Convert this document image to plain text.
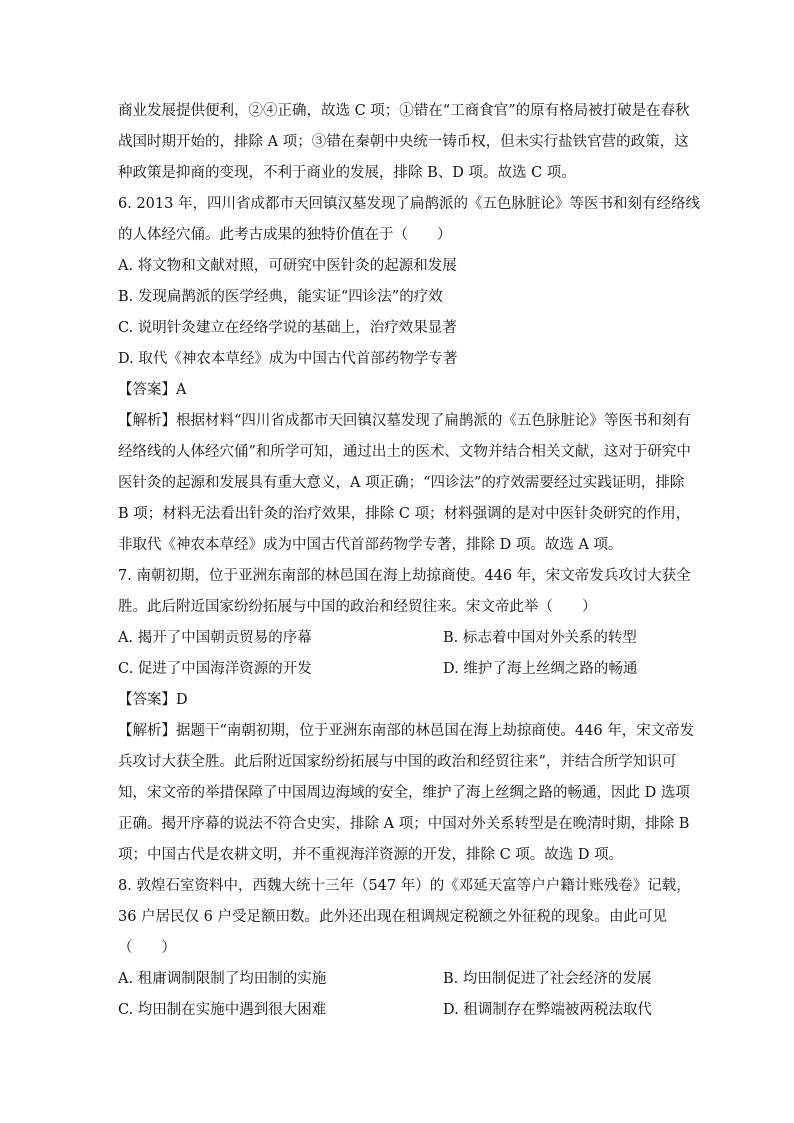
商业发展提供便利，②④正确，故选 C 项；①错在“工商食官”的原有格局被打破是在春秋
战国时期开始的，排除 A 项；③错在秦朝中央统一铸币权，但未实行盐铁官营的政策，这
种政策是抑商的变现，不利于商业的发展，排除 B、D 项。故选 C 项。
6. 2013 年，四川省成都市天回镇汉墓发现了扁鹊派的《五色脉脏论》等医书和刻有经络线
的人体经穴俑。此考古成果的独特价值在于（　　）
A. 将文物和文献对照，可研究中医针灸的起源和发展
B. 发现扁鹊派的医学经典，能实证“四诊法”的疗效
C. 说明针灸建立在经络学说的基础上，治疗效果显著
D. 取代《神农本草经》成为中国古代首部药物学专著
【答案】A
【解析】根据材料“四川省成都市天回镇汉墓发现了扁鹊派的《五色脉脏论》等医书和刻有
经络线的人体经穴俑”和所学可知，通过出土的医术、文物并结合相关文献，这对于研究中
医针灸的起源和发展具有重大意义，A 项正确；“四诊法”的疗效需要经过实践证明，排除
B 项；材料无法看出针灸的治疗效果，排除 C 项；材料强调的是对中医针灸研究的作用，
非取代《神农本草经》成为中国古代首部药物学专著，排除 D 项。故选 A 项。
7. 南朝初期，位于亚洲东南部的林邑国在海上劫掠商使。446 年，宋文帝发兵攻讨大获全
胜。此后附近国家纷纷拓展与中国的政治和经贸往来。宋文帝此举（　　）
A. 揭开了中国朝贡贸易的序幕	B. 标志着中国对外关系的转型
C. 促进了中国海洋资源的开发	D. 维护了海上丝绸之路的畅通
【答案】D
【解析】据题干“南朝初期，位于亚洲东南部的林邑国在海上劫掠商使。446 年，宋文帝发
兵攻讨大获全胜。此后附近国家纷纷拓展与中国的政治和经贸往来”，并结合所学知识可
知，宋文帝的举措保障了中国周边海域的安全，维护了海上丝绸之路的畅通，因此 D 选项
正确。揭开序幕的说法不符合史实，排除 A 项；中国对外关系转型是在晚清时期，排除 B
项；中国古代是农耕文明，并不重视海洋资源的开发，排除 C 项。故选 D 项。
8. 敦煌石室资料中，西魏大统十三年（547 年）的《邓延天富等户户籍计账残卷》记载，
36 户居民仅 6 户受足额田数。此外还出现在租调规定税额之外征税的现象。由此可见
（　　）
A. 租庸调制限制了均田制的实施	B. 均田制促进了社会经济的发展
C. 均田制在实施中遇到很大困难	D. 租调制存在弊端被两税法取代
